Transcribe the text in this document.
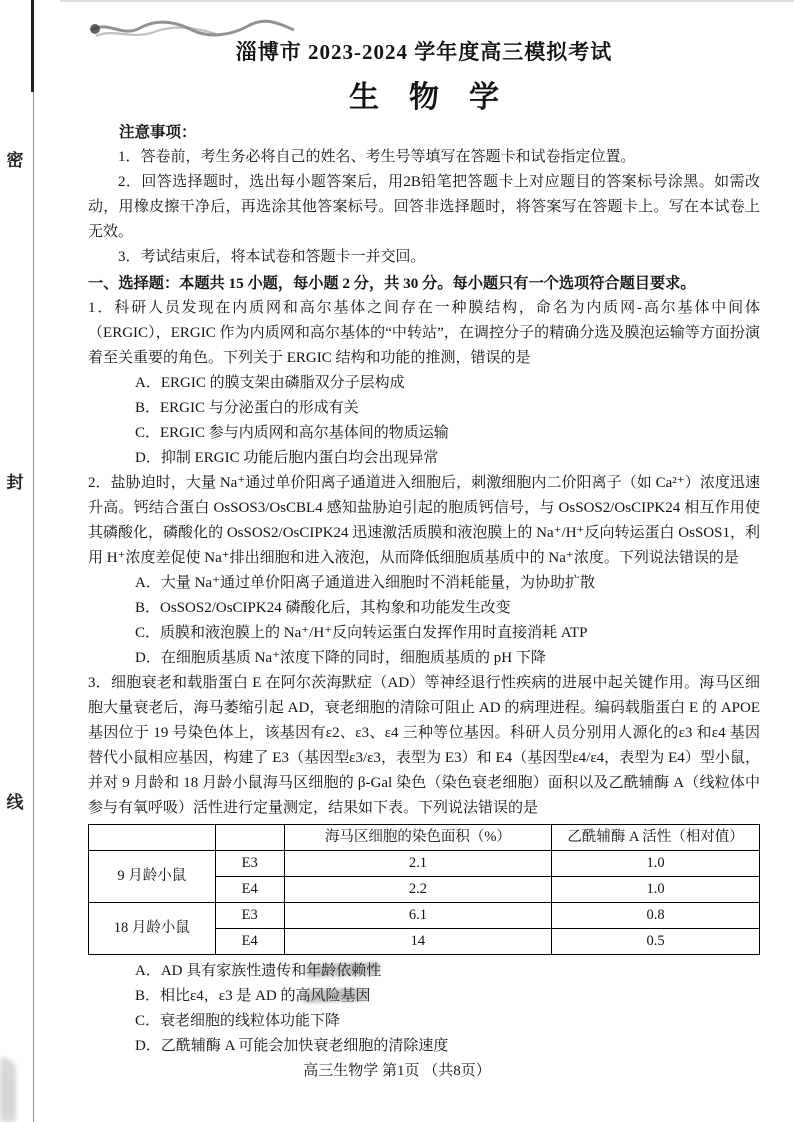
密
封
线
淄博市 2023-2024 学年度高三模拟考试
生物学
注意事项：

1．答卷前，考生务必将自己的姓名、考生号等填写在答题卡和试卷指定位置。

2．回答选择题时，选出每小题答案后，用2B铅笔把答题卡上对应题目的答案标号涂黑。如需改动，用橡皮擦干净后，再选涂其他答案标号。回答非选择题时，将答案写在答题卡上。写在本试卷上无效。

3．考试结束后，将本试卷和答题卡一并交回。

一、选择题：本题共 15 小题，每小题 2 分，共 30 分。每小题只有一个选项符合题目要求。

1．科研人员发现在内质网和高尔基体之间存在一种膜结构，命名为内质网-高尔基体中间体（ERGIC），ERGIC 作为内质网和高尔基体的“中转站”，在调控分子的精确分选及膜泡运输等方面扮演着至关重要的角色。下列关于 ERGIC 结构和功能的推测，错误的是

A．ERGIC 的膜支架由磷脂双分子层构成
B．ERGIC 与分泌蛋白的形成有关
C．ERGIC 参与内质网和高尔基体间的物质运输
D．抑制 ERGIC 功能后胞内蛋白均会出现异常

2．盐胁迫时，大量 Na⁺通过单价阳离子通道进入细胞后，刺激细胞内二价阳离子（如 Ca²⁺）浓度迅速升高。钙结合蛋白 OsSOS3/OsCBL4 感知盐胁迫引起的胞质钙信号，与 OsSOS2/OsCIPK24 相互作用使其磷酸化，磷酸化的 OsSOS2/OsCIPK24 迅速激活质膜和液泡膜上的 Na⁺/H⁺反向转运蛋白 OsSOS1，利用 H⁺浓度差促使 Na⁺排出细胞和进入液泡，从而降低细胞质基质中的 Na⁺浓度。下列说法错误的是

A．大量 Na⁺通过单价阳离子通道进入细胞时不消耗能量，为协助扩散
B．OsSOS2/OsCIPK24 磷酸化后，其构象和功能发生改变
C．质膜和液泡膜上的 Na⁺/H⁺反向转运蛋白发挥作用时直接消耗 ATP
D．在细胞质基质 Na⁺浓度下降的同时，细胞质基质的 pH 下降

3．细胞衰老和载脂蛋白 E 在阿尔茨海默症（AD）等神经退行性疾病的进展中起关键作用。海马区细胞大量衰老后，海马萎缩引起 AD，衰老细胞的清除可阻止 AD 的病理进程。编码载脂蛋白 E 的 APOE 基因位于 19 号染色体上，该基因有ε2、ε3、ε4 三种等位基因。科研人员分别用人源化的ε3 和ε4 基因替代小鼠相应基因，构建了 E3（基因型ε3/ε3，表型为 E3）和 E4（基因型ε4/ε4，表型为 E4）型小鼠，并对 9 月龄和 18 月龄小鼠海马区细胞的 β-Gal 染色（染色衰老细胞）面积以及乙酰辅酶 A（线粒体中参与有氧呼吸）活性进行定量测定，结果如下表。下列说法错误的是

		海马区细胞的染色面积（%）	乙酰辅酶 A 活性（相对值）
9 月龄小鼠	E3	2.1	1.0
	E4	2.2	1.0
18 月龄小鼠	E3	6.1	0.8
	E4	14	0.5
A．AD 具有家族性遗传和年龄依赖性
B．相比ε4，ε3 是 AD 的高风险基因
C．衰老细胞的线粒体功能下降
D．乙酰辅酶 A 可能会加快衰老细胞的清除速度
高三生物学 第1页 （共8页）
